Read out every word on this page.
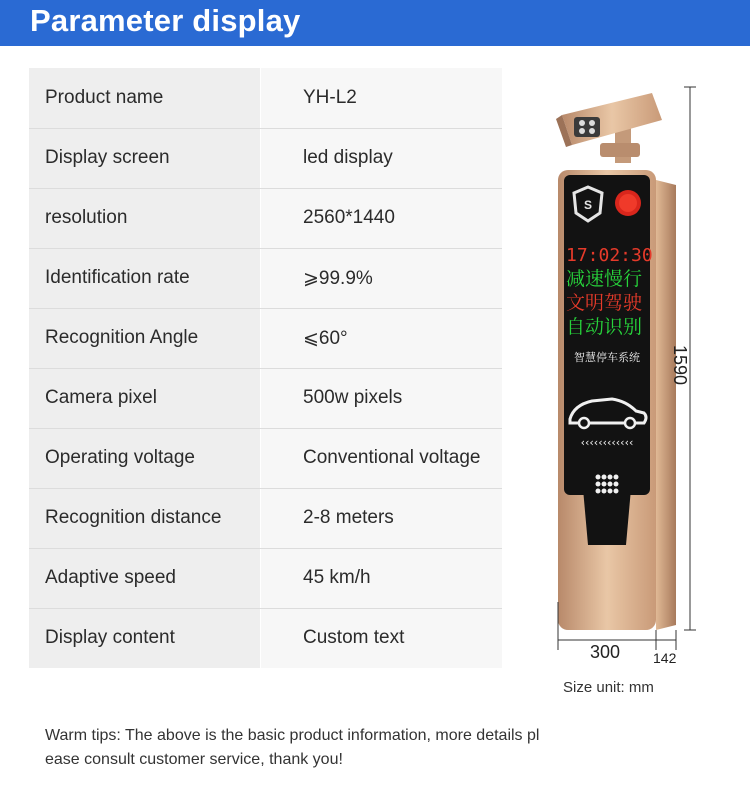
Parameter display
Product name		YH-L2
Display screen		led display
resolution		2560*1440
Identification rate		⩾99.9%
Recognition Angle		⩽60°
Camera pixel		500w pixels
Operating voltage		Conventional voltage
Recognition distance		2-8 meters
Adaptive speed		45 km/h
Display content		Custom text
S
17:02:30
减速慢行
文明驾驶
自动识别
智慧停车系统
‹‹‹‹‹‹‹‹‹‹‹‹
1590
300 142
Size unit: mm
Warm tips: The above is the basic product information, more details pl
ease consult customer service, thank you!
